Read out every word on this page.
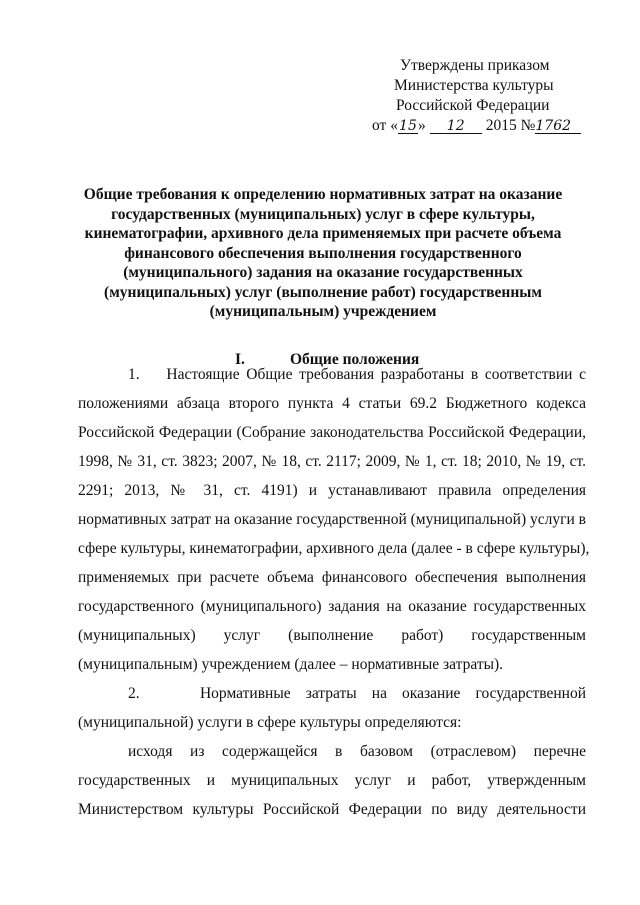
Утверждены приказом
Министерства культуры
Российской Федерации
от «15» 12 2015 №1762
Общие требования к определению нормативных затрат на оказание государственных (муниципальных) услуг в сфере культуры, кинематографии, архивного дела применяемых при расчете объема финансового обеспечения выполнения государственного (муниципального) задания на оказание государственных (муниципальных) услуг (выполнение работ) государственным (муниципальным) учреждением
I.	Общие положения
1.    Настоящие Общие требования разработаны в соответствии с
положениями абзаца второго пункта 4 статьи 69.2 Бюджетного кодекса
Российской Федерации (Собрание законодательства Российской Федерации,
1998, № 31, ст. 3823; 2007, № 18, ст. 2117; 2009, № 1, ст. 18; 2010, № 19, ст.
2291; 2013, № 31, ст. 4191) и устанавливают правила определения
нормативных затрат на оказание государственной (муниципальной) услуги в
сфере культуры, кинематографии, архивного дела (далее - в сфере культуры),
применяемых при расчете объема финансового обеспечения выполнения
государственного (муниципального) задания на оказание государственных
(муниципальных) услуг (выполнение работ) государственным
(муниципальным) учреждением (далее – нормативные затраты).
2.    Нормативные затраты на оказание государственной
(муниципальной) услуги в сфере культуры определяются:
исходя из содержащейся в базовом (отраслевом) перечне
государственных и муниципальных услуг и работ, утвержденным
Министерством культуры Российской Федерации по виду деятельности
